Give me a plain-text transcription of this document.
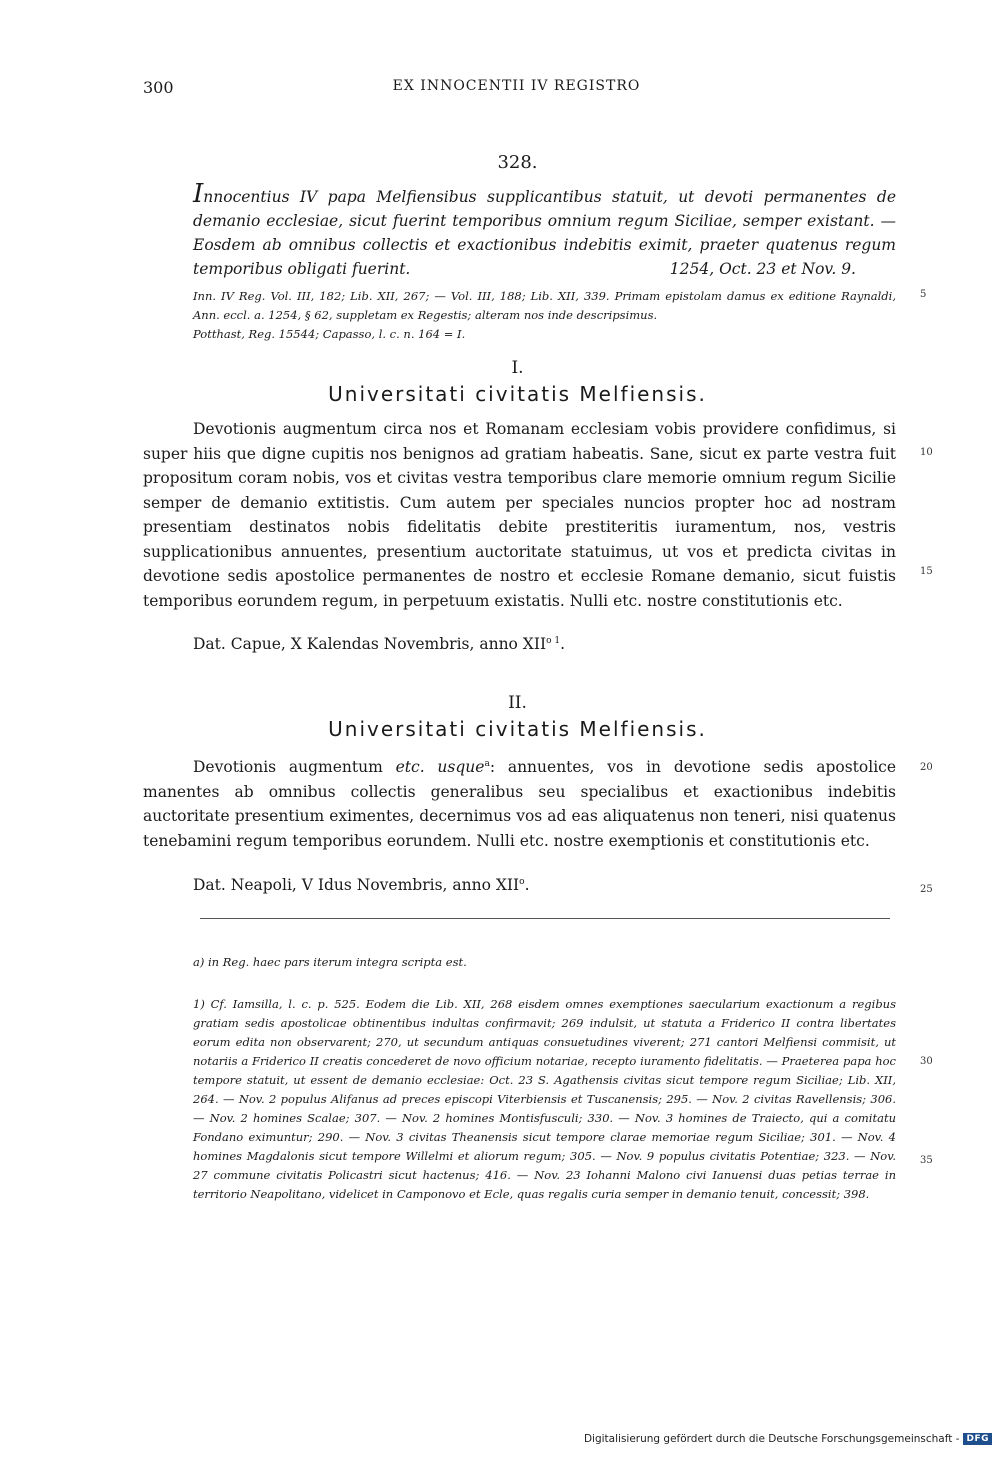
300	EX INNOCENTII IV REGISTRO
328.
Innocentius IV papa Melfiensibus supplicantibus statuit, ut devoti permanentes de demanio ecclesiae, sicut fuerint temporibus omnium regum Siciliae, semper existant. — Eosdem ab omnibus collectis et exactionibus indebitis eximit, praeter quatenus regum temporibus obligati fuerint.	1254, Oct. 23 et Nov. 9.
Inn. IV Reg. Vol. III, 182; Lib. XII, 267; — Vol. III, 188; Lib. XII, 339. Primam epistolam damus ex editione Raynaldi, Ann. eccl. a. 1254, § 62, suppletam ex Regestis; alteram nos inde descripsimus.
Potthast, Reg. 15544; Capasso, l. c. n. 164 = I.
I.
Universitati civitatis Melfiensis.
Devotionis augmentum circa nos et Romanam ecclesiam vobis providere confidimus, si super hiis que digne cupitis nos benignos ad gratiam habeatis. Sane, sicut ex parte vestra fuit propositum coram nobis, vos et civitas vestra temporibus clare memorie omnium regum Sicilie semper de demanio extitistis. Cum autem per speciales nuncios propter hoc ad nostram presentiam destinatos nobis fidelitatis debite prestiteritis iuramentum, nos, vestris supplicationibus annuentes, presentium auctoritate statuimus, ut vos et predicta civitas in devotione sedis apostolice permanentes de nostro et ecclesie Romane demanio, sicut fuistis temporibus eorundem regum, in perpetuum existatis. Nulli etc. nostre constitutionis etc.
Dat. Capue, X Kalendas Novembris, anno $XII^{o 1}$.
II.
Universitati civitatis Melfiensis.
Devotionis augmentum etc. usque$^a$: annuentes, vos in devotione sedis apostolice manentes ab omnibus collectis generalibus seu specialibus et exactionibus indebitis auctoritate presentium eximentes, decernimus vos ad eas aliquatenus non teneri, nisi quatenus tenebamini regum temporibus eorundem. Nulli etc. nostre exemptionis et constitutionis etc.
Dat. Neapoli, V Idus Novembris, anno XII$^o$.
5
10
15
20
25
30
35
a) in Reg. haec pars iterum integra scripta est.
1) Cf. Iamsilla, l. c. p. 525. Eodem die Lib. XII, 268 eisdem omnes exemptiones saecularium exactionum a regibus gratiam sedis apostolicae obtinentibus indultas confirmavit; 269 indulsit, ut statuta a Friderico II contra libertates eorum edita non observarent; 270, ut secundum antiquas consuetudines viverent; 271 cantori Melfiensi commisit, ut notariis a Friderico II creatis concederet de novo officium notariae, recepto iuramento fidelitatis. — Praeterea papa hoc tempore statuit, ut essent de demanio ecclesiae: Oct. 23 S. Agathensis civitas sicut tempore regum Siciliae; Lib. XII, 264. — Nov. 2 populus Alifanus ad preces episcopi Viterbiensis et Tuscanensis; 295. — Nov. 2 civitas Ravellensis; 306. — Nov. 2 homines Scalae; 307. — Nov. 2 homines Montisfusculi; 330. — Nov. 3 homines de Traiecto, qui a comitatu Fondano eximuntur; 290. — Nov. 3 civitas Theanensis sicut tempore clarae memoriae regum Siciliae; 301. — Nov. 4 homines Magdalonis sicut tempore Willelmi et aliorum regum; 305. — Nov. 9 populus civitatis Potentiae; 323. — Nov. 27 commune civitatis Policastri sicut hactenus; 416. — Nov. 23 Iohanni Malono civi Ianuensi duas petias terrae in territorio Neapolitano, videlicet in Camponovo et Ecle, quas regalis curia semper in demanio tenuit, concessit; 398.
Digitalisierung gefördert durch die Deutsche Forschungsgemeinschaft - DFG
